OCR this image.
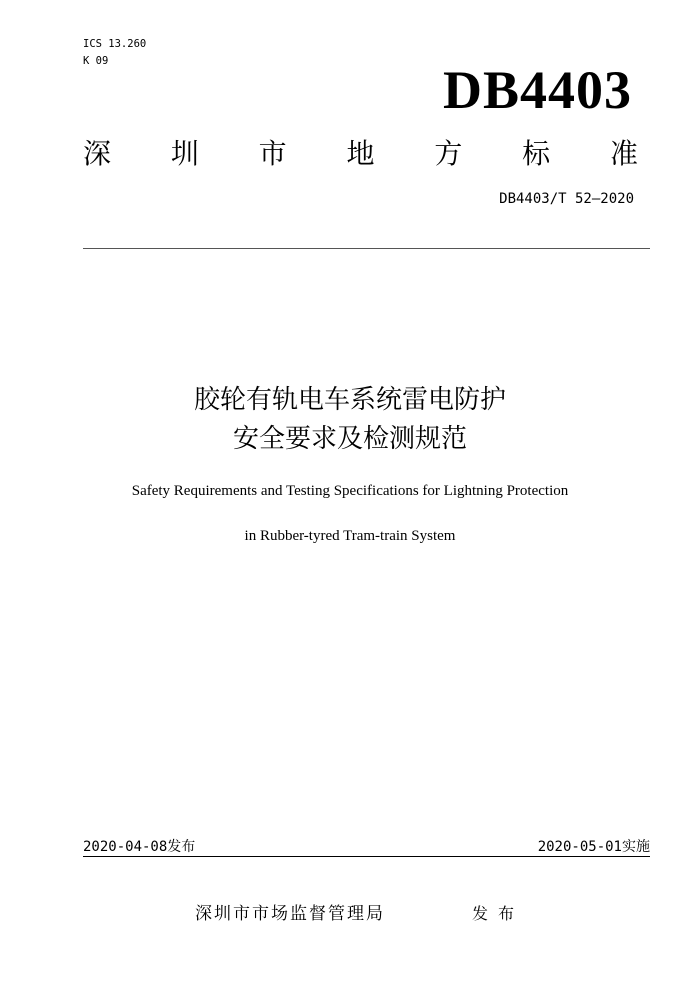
ICS 13.260
K 09	DB4403
深 圳 市 地 方 标 准
DB4403/T 52—2020
胶轮有轨电车系统雷电防护
安全要求及检测规范
Safety Requirements and Testing Specifications for Lightning Protection
in Rubber-tyred Tram-train System
2020-04-08发布	2020-05-01实施
深圳市市场监督管理局	发布
